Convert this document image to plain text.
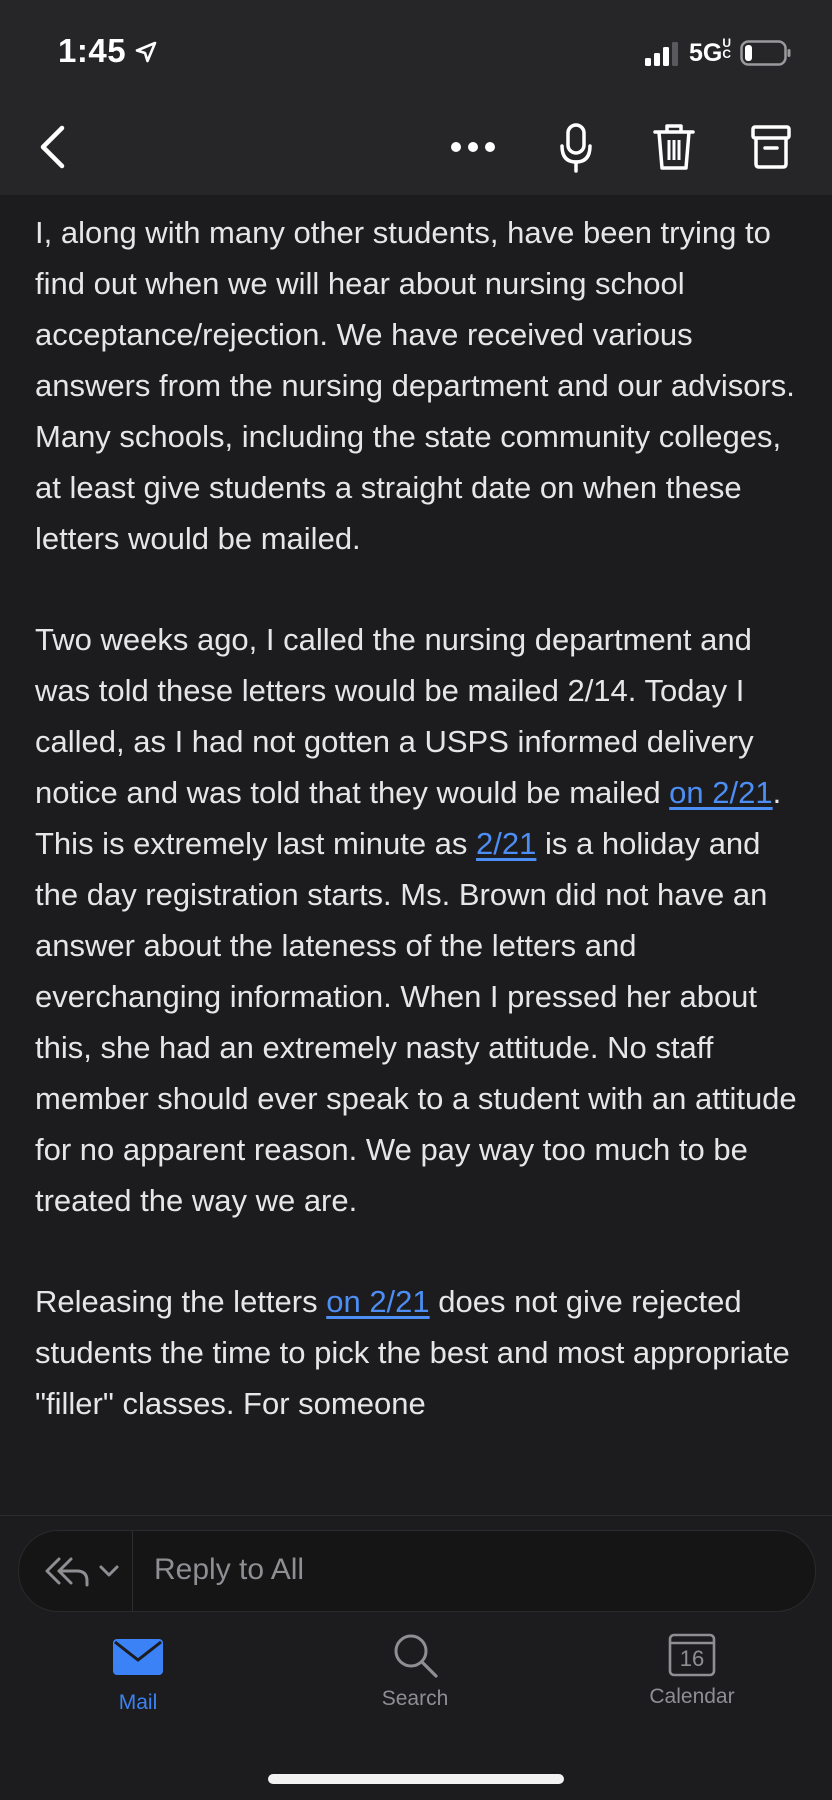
1:45	5GUC

I, along with many other students, have been trying to find out when we will hear about nursing school acceptance/rejection. We have received various answers from the nursing department and our advisors. Many schools, including the state community colleges, at least give students a straight date on when these letters would be mailed.

Two weeks ago, I called the nursing department and was told these letters would be mailed 2/14. Today I called, as I had not gotten a USPS informed delivery notice and was told that they would be mailed on 2/21. This is extremely last minute as 2/21 is a holiday and the day registration starts. Ms. Brown did not have an answer about the lateness of the letters and everchanging information. When I pressed her about this, she had an extremely nasty attitude. No staff member should ever speak to a student with an attitude for no apparent reason. We pay way too much to be treated the way we are.

Releasing the letters on 2/21 does not give rejected students the time to pick the best and most appropriate "filler" classes. For someone

Reply to All
Mail	Search
16
Calendar
